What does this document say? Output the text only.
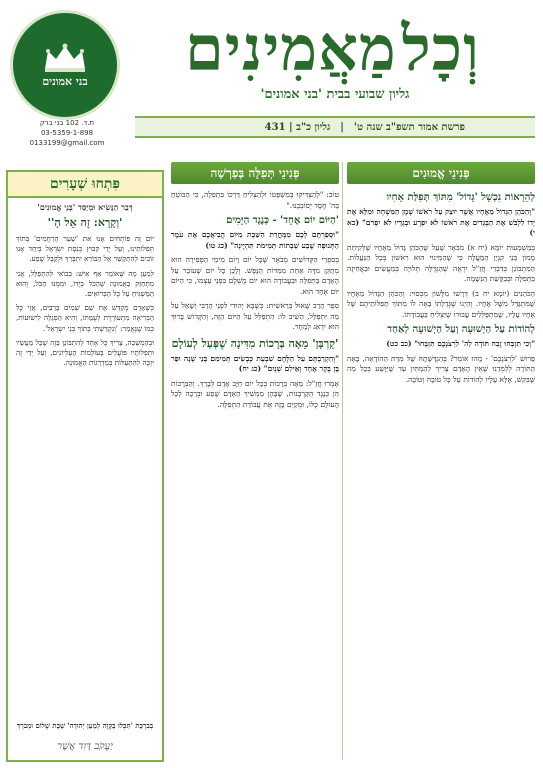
בני אמונים
ת.ד. 102 בני ברק
03-5359-1-898
0133199@gmail.com
וְכָל מַאֲמִינִים
גליון שבועי בבית 'בני אמונים'
פרשת אמור תשפ"ב שנה ט'
|
גליון כ"ב | 431
פְּנִינֵי אֱמוּנִים
פְּנִינֵי תְּפִלָּה בְּפַרְשָׁה
לְהֵרָאוֹת נִכְשָׁל 'גָּדוֹל' מִתּוֹךְ תְּפִלַּת אָחִיו

"וְהַכֹּהֵן הַגָּדוֹל מֵאֶחָיו אֲשֶׁר יוּצַק עַל רֹאשׁוֹ שֶׁמֶן הַמִּשְׁחָה וּמִלֵּא אֶת יָדוֹ לִלְבֹּשׁ אֶת הַבְּגָדִים אֶת רֹאשׁוֹ לֹא יִפְרָע וּבְגָדָיו לֹא יִפְרֹם" (כא י)

בְּמַשְׁמָעוּת יוֹמָא (יח א) מִבֹּאָר שֶׁעַל שֶׁהַכֹּהֵן גָּדוֹל מֵאֶחָיו שֶׁלְּקִיחַת מָמוֹן בְּנֵי קִנְיַן הַמַּעֲלָה כִּי שֶׁהַמִּינוּי הוּא רִאשׁוֹן בְּכָל הַנַּעֲלוֹת. הַמִּתְבּוֹנֵן בְּדִבְרֵי חֲזַ"ל יִרְאֶה שֶׁהַגְּדֻלָּה תְּלוּיָה בְּמַעֲשִׂים וּבַאֲחִיזָה בַּתְּפִלָּה וּבְבַקָּשַׁת הַנְּשָׁמָה.

הַכֹּהֵנִים (יוֹמָא יח ב) דְּרָשׁוּ מִלְּשׁוֹן מִכְּסוּי: וְהַכֹּהֵן הַגָּדוֹל מֵאֶחָיו שֶׁמִּתְגַּדֵּל מִשֶּׁל אֶחָיו. וְהַיְנוּ שֶׁגְּדֻלָּתוֹ בָּאָה לוֹ מִתּוֹךְ תְּפִלּוֹתֵיהֶם שֶׁל אֶחָיו עָלָיו, שֶׁמִּתְפַּלְּלִים עֲבוּרוֹ שֶׁיַּצְלִיחַ בַּעֲבוֹדָתוֹ.

לְהוֹדוֹת עַל הַיְשׁוּעָה וְעַל הַיְשׁוּעָה לְאַחַד

"וְכִי תִזְבְּחוּ זֶבַח תּוֹדָה לַה' לִרְצֹנְכֶם תִּזְבָּחוּ" (כב כט)

פֵּרוּשׁ 'לִרְצֹנְכֶם' - מָהוּ אוֹמֵר? בְּהַגְדָּשָׁתָהּ שֶׁל מִדַּת הַהוֹדָאָה, בָּאָה הַתּוֹרָה לְלַמְּדֵנוּ שֶׁאֵין הָאָדָם צָרִיךְ לְהַמְתִּין עַד שֶׁיִּוָּשַׁע בְּכָל מַה שֶּׁבִּקֵּשׁ, אֶלָּא עָלָיו לְהוֹדוֹת עַל כָּל טוֹבָה וְטוֹבָה.

טוֹב: "לְהַצְדִּיקוּ בְּמִשְׁפָּטוֹ וּלְהַצְלִיחַ דַּרְכּוֹ בִּתְפִלָּה, כִּי הַבּוֹטֵחַ בַּה' חֶסֶד יְסוֹבְבֶנּוּ."

'הַיּוֹם יוֹם אֶחָד' - כְּנֶגֶד הַיָּמִים

"וּסְפַרְתֶּם לָכֶם מִמָּחֳרַת הַשַּׁבָּת מִיּוֹם הֲבִיאֲכֶם אֶת עֹמֶר הַתְּנוּפָה שֶׁבַע שַׁבָּתוֹת תְּמִימֹת תִּהְיֶינָה" (כג טו)

בְּסִפְרֵי הַקְּדוֹשִׁים מְבֹאָר שֶׁכָּל יוֹם וָיוֹם מִימֵי הַסְּפִירָה הוּא מְתַקֵּן מִדָּה אַחַת מִמִּדּוֹת הַנֶּפֶשׁ. וְלָכֵן כָּל יוֹם שֶׁעוֹבֵר עַל הָאָדָם בַּתְּפִלָּה וּבַעֲבוֹדָה הוּא יוֹם מֻשְׁלָם בִּפְנֵי עַצְמוֹ, כִּי הַיּוֹם יוֹם אֶחָד הוּא.

סִפֵּר הָרַב שָׁאוּל בְּרַאשִׁית: כְּשֶׁבָּא יְהוּדִי לִפְנֵי הָרַבִּי וְשָׁאַל עַל מַה יִּתְפַּלֵּל, הֵשִׁיב לוֹ: הִתְפַּלֵּל עַל הַיּוֹם הַזֶּה, וְהַקָּדוֹשׁ בָּרוּךְ הוּא יִדְאַג לְמָחָר.

'קָרְבָּן' מֵאָה בְּרָכוֹת מִדִּינָה שֶׁפְּעַל לְעוֹלָם

"וְהִקְרַבְתֶּם עַל הַלֶּחֶם שִׁבְעַת כְּבָשִׂים תְּמִימִם בְּנֵי שָׁנָה וּפַר בֶּן בָּקָר אֶחָד וְאֵילִם שְׁנָיִם" (כג יח)

אָמְרוּ חֲזַ"ל: מֵאָה בְּרָכוֹת בְּכָל יוֹם חַיָּב אָדָם לְבָרֵךְ. וְהַבְּרָכוֹת הֵן כְּנֶגֶד הַקָּרְבָּנוֹת, שֶׁבָּהֶן מַמְשִׁיךְ הָאָדָם שֶׁפַע וּבְרָכָה לְכָל הָעוֹלָם כֻּלּוֹ, וּמְקַיֵּם בָּזֶה אֶת עֲבוֹדַת הַתְּפִלָּה.

פִּתְחוּ שְׁעָרִים
דְּבַר הַנָּשִׂיא וּמְיַסֵּד 'בְּנֵי אֱמוּנִים'
'וְקָרָא: זֶה אֵל הָ''

יוֹם זֶה פּוֹתְחִים אָנוּ את 'שַׁעַר הָרַחֲמִים' בְּתוֹךְ תְּפִלּוֹתֵינוּ, וְעַל יְדֵי קִבּוּץ כְּנֵסֶת יִשְׂרָאֵל בְּיַחַד אָנוּ זוֹכִים לְהִתְקַשֵּׁר אֶל הַבּוֹרֵא יִתְבָּרַךְ וּלְקַבֵּל שֶׁפַע.

לְמַעַן מַה שֶּׁאוֹמֵר אַף אִישׁ: בְּבוֹאִי לְהִתְפַּלֵּל, אֲנִי מִתְחַזֵּק בַּאֲמוּנָה שֶׁהַכֹּל בְּיָדוֹ, וּמִמֶּנּוּ הַכֹּל, וְהוּא הַמַּשְׁגִּיחַ עַל כָּל הַבְּרוּאִים.

כְּשֶׁאָדָם מְקַדֵּשׁ אֶת שֵׁם שָׁמַיִם בָּרַבִּים, אֲזַי כָּל הַבְּרִיאָה מִתְעוֹרֶרֶת לְעֻמָּתוֹ, וְהִיא הַסְּגֻלָּה לִישׁוּעוֹת, כְּמוֹ שֶׁנֶּאֱמַר: 'וְנִקְדַּשְׁתִּי בְּתוֹךְ בְּנֵי יִשְׂרָאֵל'.

וּבְהַמְשָׁכָה, צָרִיךְ כָּל אֶחָד לְהִתְבּוֹנֵן בָּזֶה שֶׁכָּל מַעֲשָׂיו וּתְפִלּוֹתָיו פּוֹעֲלִים בָּעוֹלָמוֹת הָעֶלְיוֹנִים, וְעַל יְדֵי זֶה יִזְכֶּה לְהִתְעַלּוֹת בְּמַדְרֵגוֹת הָאֱמוּנָה.

בְּבִרְכַּת 'תִּכְּלוּ בַּקָּוֶה לְמַעַן יְהוּדָה' שַׁבָּת שָׁלוֹם וּמְבֹרָךְ
יַעֲקֹב דָּוִד אֲשֶׁר
